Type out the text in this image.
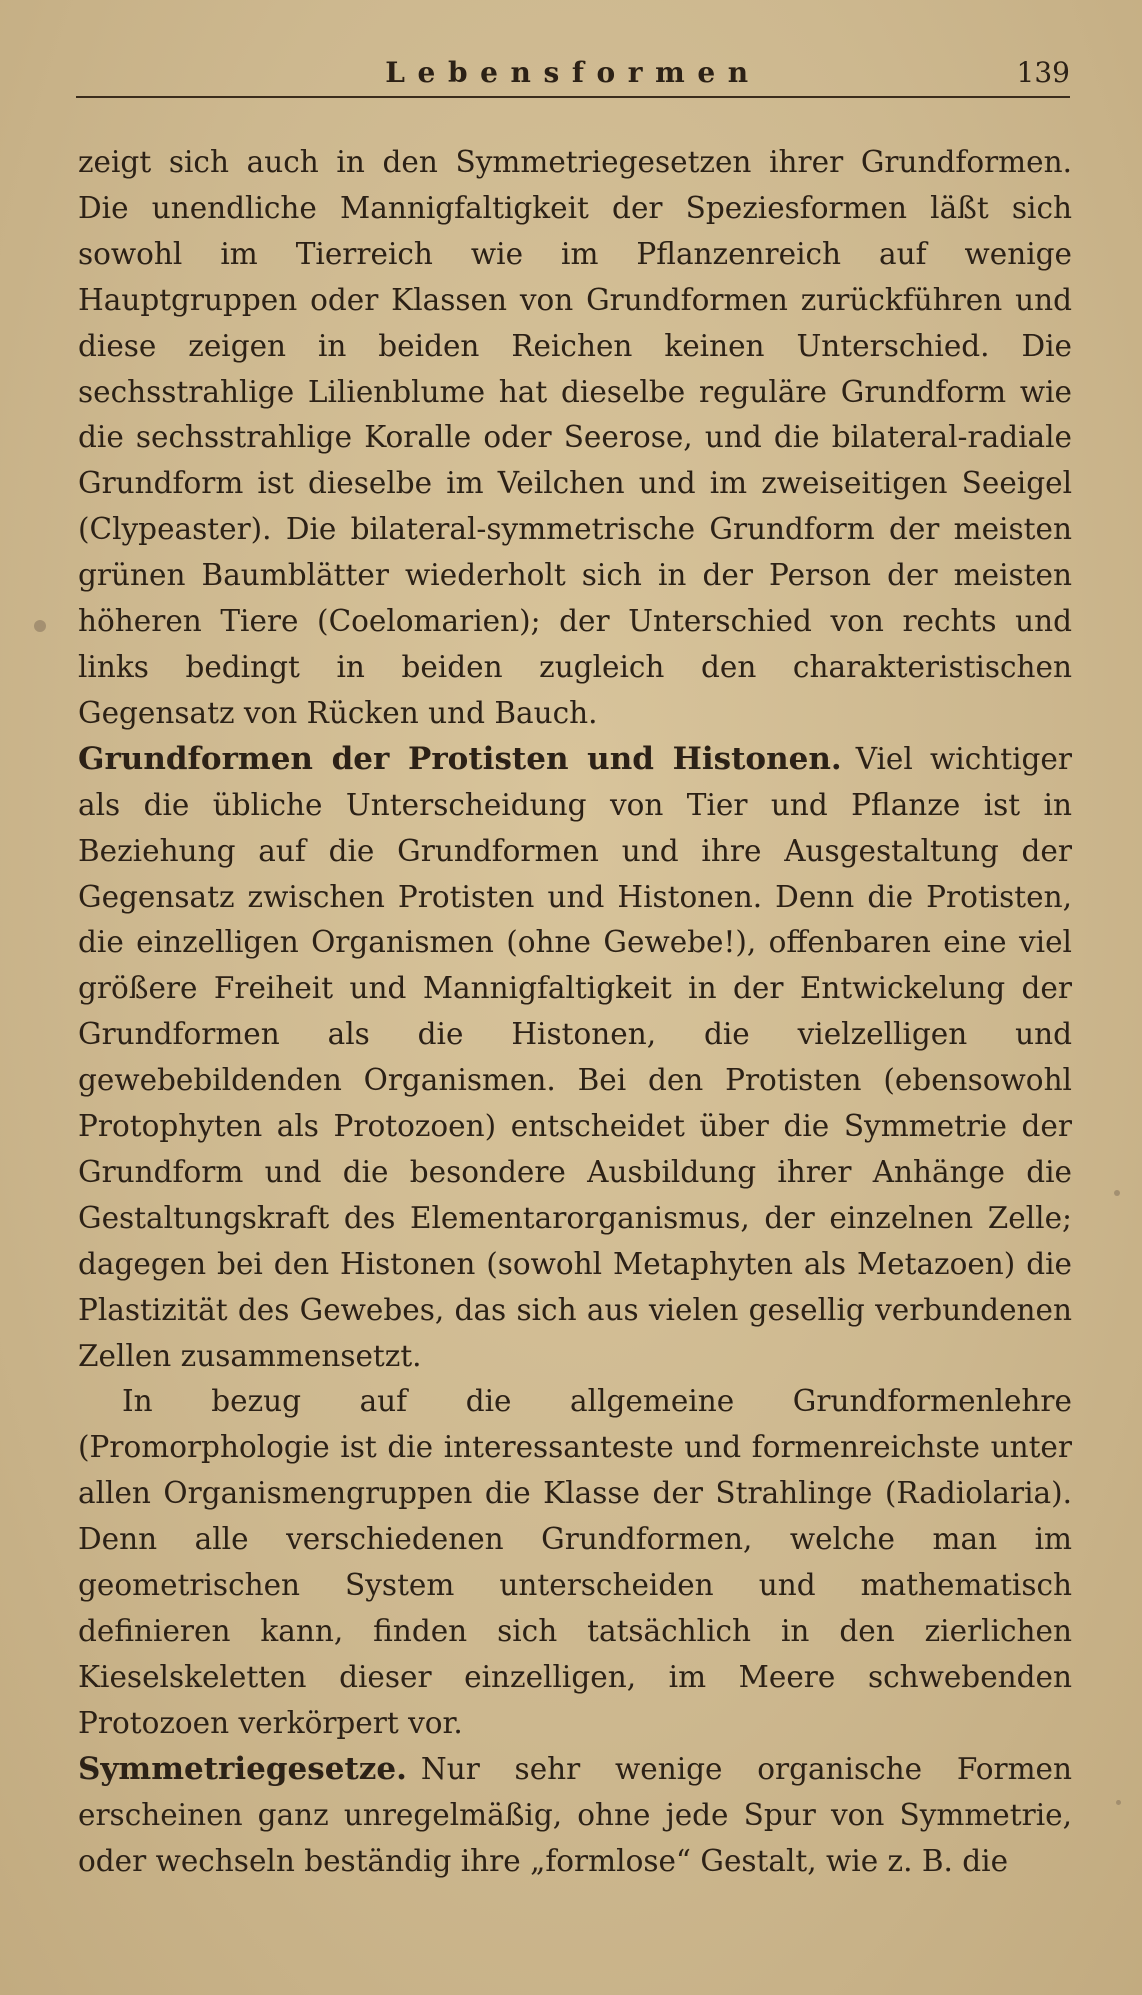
Lebensformen	139

zeigt sich auch in den Symmetriegesetzen ihrer Grundformen. Die unendliche Mannigfaltigkeit der Speziesformen läßt sich sowohl im Tierreich wie im Pflanzenreich auf wenige Hauptgruppen oder Klassen von Grundformen zurückführen und diese zeigen in beiden Reichen keinen Unterschied. Die sechsstrahlige Lilienblume hat dieselbe reguläre Grundform wie die sechsstrahlige Koralle oder Seerose, und die bilateral-radiale Grundform ist dieselbe im Veilchen und im zweiseitigen Seeigel (Clypeaster). Die bilateral-symmetrische Grundform der meisten grünen Baumblätter wiederholt sich in der Person der meisten höheren Tiere (Coelomarien); der Unterschied von rechts und links bedingt in beiden zugleich den charakteristischen Gegensatz von Rücken und Bauch.

Grundformen der Protisten und Histonen. Viel wichtiger als die übliche Unterscheidung von Tier und Pflanze ist in Beziehung auf die Grundformen und ihre Ausgestaltung der Gegensatz zwischen Protisten und Histonen. Denn die Protisten, die einzelligen Organismen (ohne Gewebe!), offenbaren eine viel größere Freiheit und Mannigfaltigkeit in der Entwickelung der Grundformen als die Histonen, die vielzelligen und gewebebildenden Organismen. Bei den Protisten (ebensowohl Protophyten als Protozoen) entscheidet über die Symmetrie der Grundform und die besondere Ausbildung ihrer Anhänge die Gestaltungskraft des Elementarorganismus, der einzelnen Zelle; dagegen bei den Histonen (sowohl Metaphyten als Metazoen) die Plastizität des Gewebes, das sich aus vielen gesellig verbundenen Zellen zusammensetzt.

In bezug auf die allgemeine Grundformenlehre (Promorphologie ist die interessanteste und formenreichste unter allen Organismengruppen die Klasse der Strahlinge (Radiolaria). Denn alle verschiedenen Grundformen, welche man im geometrischen System unterscheiden und mathematisch definieren kann, finden sich tatsächlich in den zierlichen Kieselskeletten dieser einzelligen, im Meere schwebenden Protozoen verkörpert vor.

Symmetriegesetze. Nur sehr wenige organische Formen erscheinen ganz unregelmäßig, ohne jede Spur von Symmetrie, oder wechseln beständig ihre „formlose“ Gestalt, wie z. B. die
